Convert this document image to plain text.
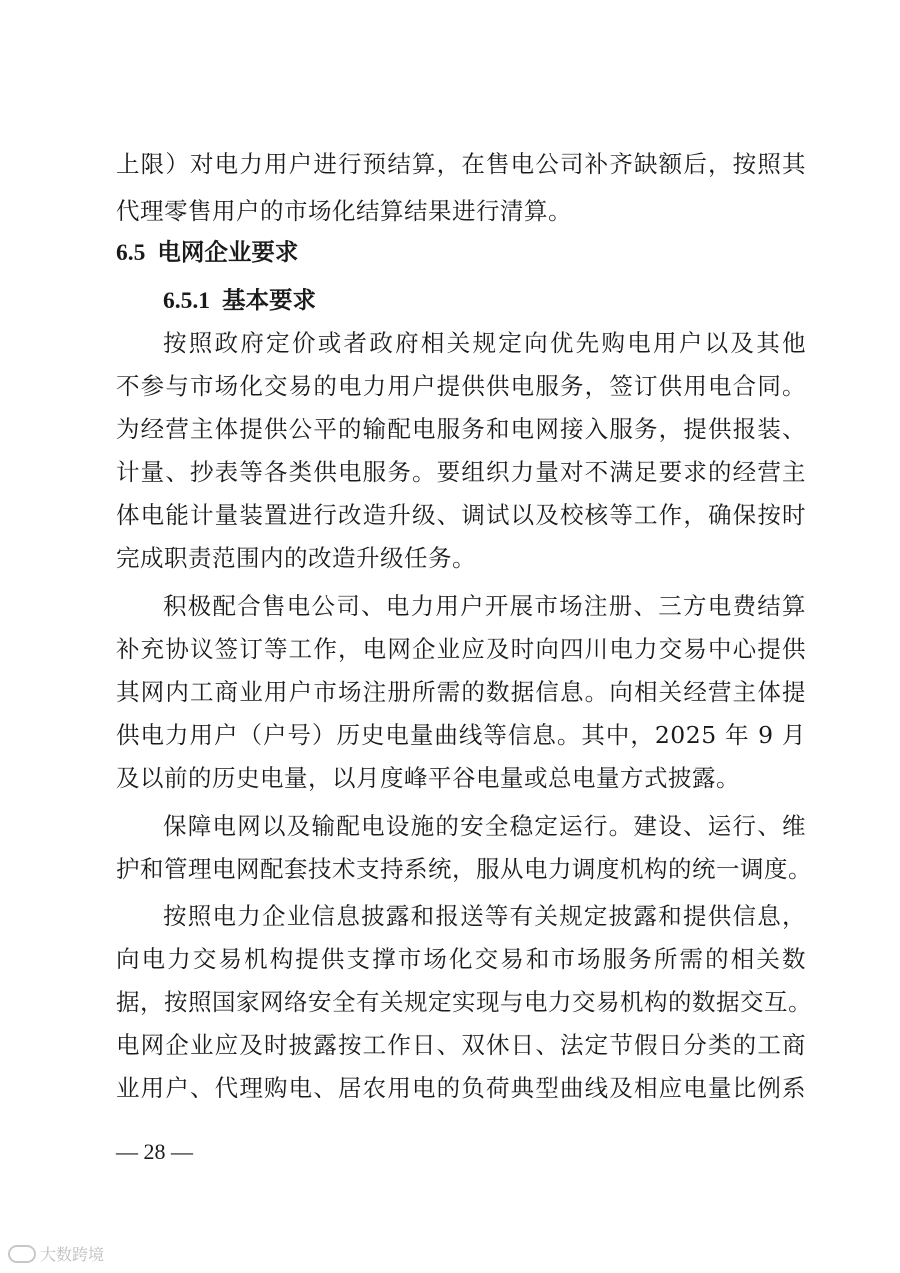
上限）对电力用户进行预结算，在售电公司补齐缺额后，按照其
代理零售用户的市场化结算结果进行清算。
6.5 电网企业要求
6.5.1 基本要求
按照政府定价或者政府相关规定向优先购电用户以及其他
不参与市场化交易的电力用户提供供电服务，签订供用电合同。
为经营主体提供公平的输配电服务和电网接入服务，提供报装、
计量、抄表等各类供电服务。要组织力量对不满足要求的经营主
体电能计量装置进行改造升级、调试以及校核等工作，确保按时
完成职责范围内的改造升级任务。
积极配合售电公司、电力用户开展市场注册、三方电费结算
补充协议签订等工作，电网企业应及时向四川电力交易中心提供
其网内工商业用户市场注册所需的数据信息。向相关经营主体提
供电力用户（户号）历史电量曲线等信息。其中，2025 年 9 月
及以前的历史电量，以月度峰平谷电量或总电量方式披露。
保障电网以及输配电设施的安全稳定运行。建设、运行、维
护和管理电网配套技术支持系统，服从电力调度机构的统一调度。
按照电力企业信息披露和报送等有关规定披露和提供信息，
向电力交易机构提供支撑市场化交易和市场服务所需的相关数
据，按照国家网络安全有关规定实现与电力交易机构的数据交互。
电网企业应及时披露按工作日、双休日、法定节假日分类的工商
业用户、代理购电、居农用电的负荷典型曲线及相应电量比例系
— 28 —
大数跨境
